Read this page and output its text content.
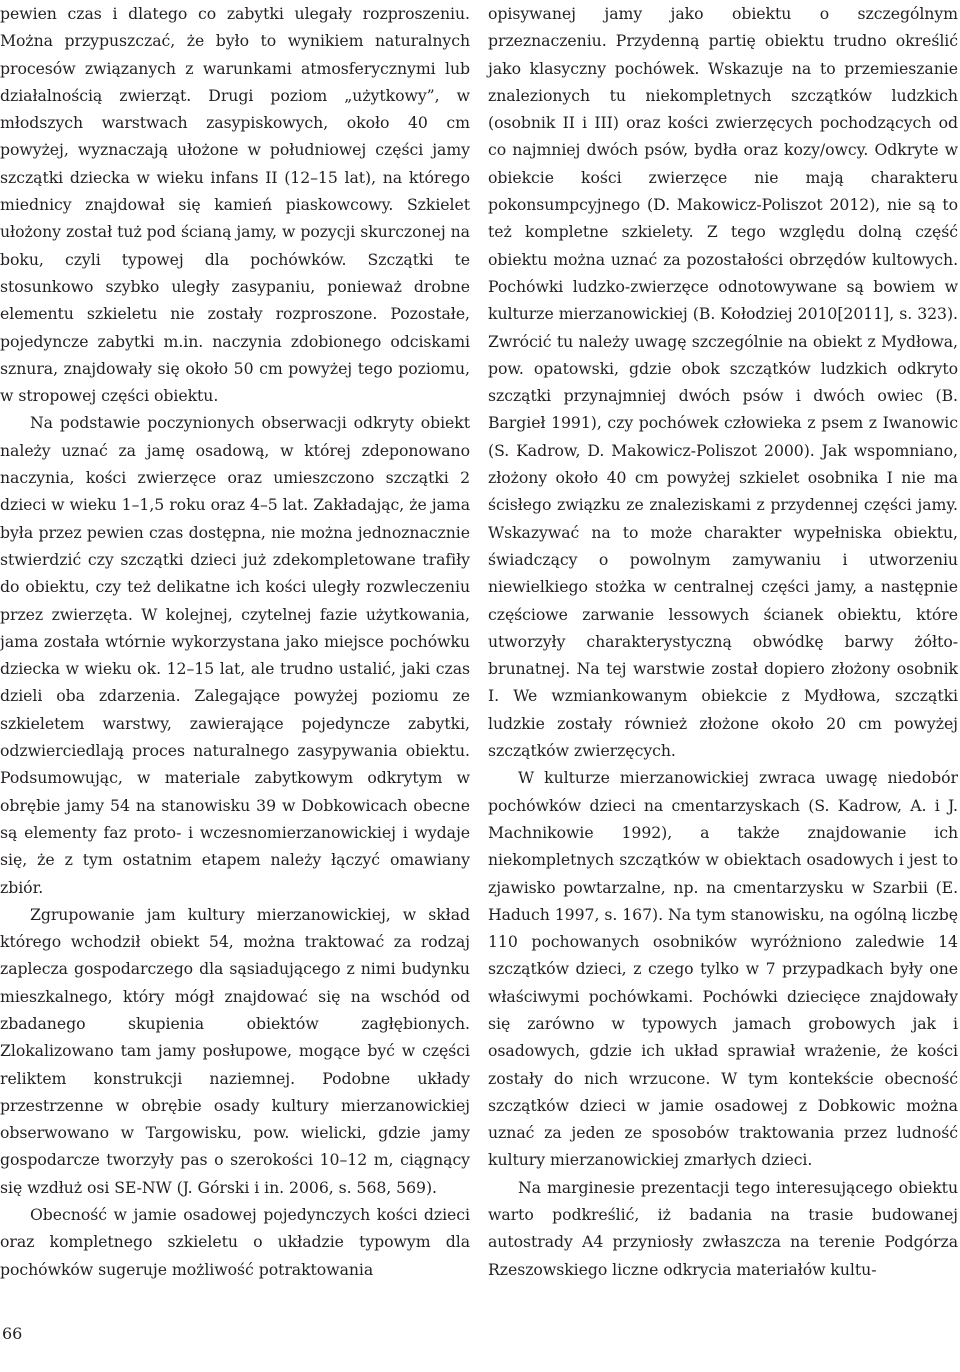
pewien czas i dlatego co zabytki ulegały rozproszeniu. Można przypuszczać, że było to wynikiem naturalnych procesów związanych z warunkami atmosferycznymi lub działalnością zwierząt. Drugi poziom „użytkowy”, w młodszych warstwach zasypiskowych, około 40 cm powyżej, wyznaczają ułożone w południowej części jamy szczątki dziecka w wieku infans II (12–15 lat), na którego miednicy znajdował się kamień piaskowcowy. Szkielet ułożony został tuż pod ścianą jamy, w pozycji skurczonej na boku, czyli typowej dla pochówków. Szczątki te stosunkowo szybko uległy zasypaniu, ponieważ drobne elementu szkieletu nie zostały rozproszone. Pozostałe, pojedyncze zabytki m.in. naczynia zdobionego odciskami sznura, znajdowały się około 50 cm powyżej tego poziomu, w stropowej części obiektu.

Na podstawie poczynionych obserwacji odkryty obiekt należy uznać za jamę osadową, w której zdeponowano naczynia, kości zwierzęce oraz umieszczono szczątki 2 dzieci w wieku 1–1,5 roku oraz 4–5 lat. Zakładając, że jama była przez pewien czas dostępna, nie można jednoznacznie stwierdzić czy szczątki dzieci już zdekompletowane trafiły do obiektu, czy też delikatne ich kości uległy rozwleczeniu przez zwierzęta. W kolejnej, czytelnej fazie użytkowania, jama została wtórnie wykorzystana jako miejsce pochówku dziecka w wieku ok. 12–15 lat, ale trudno ustalić, jaki czas dzieli oba zdarzenia. Zalegające powyżej poziomu ze szkieletem warstwy, zawierające pojedyncze zabytki, odzwierciedlają proces naturalnego zasypywania obiektu. Podsumowując, w materiale zabytkowym odkrytym w obrębie jamy 54 na stanowisku 39 w Dobkowicach obecne są elementy faz proto- i wczesnomierzanowickiej i wydaje się, że z tym ostatnim etapem należy łączyć omawiany zbiór.

Zgrupowanie jam kultury mierzanowickiej, w skład którego wchodził obiekt 54, można traktować za rodzaj zaplecza gospodarczego dla sąsiadującego z nimi budynku mieszkalnego, który mógł znajdować się na wschód od zbadanego skupienia obiektów zagłębionych. Zlokalizowano tam jamy posłupowe, mogące być w części reliktem konstrukcji naziemnej. Podobne układy przestrzenne w obrębie osady kultury mierzanowickiej obserwowano w Targowisku, pow. wielicki, gdzie jamy gospodarcze tworzyły pas o szerokości 10–12 m, ciągnący się wzdłuż osi SE-NW (J. Górski i in. 2006, s. 568, 569).

Obecność w jamie osadowej pojedynczych kości dzieci oraz kompletnego szkieletu o układzie typowym dla pochówków sugeruje możliwość potraktowania

opisywanej jamy jako obiektu o szczególnym przeznaczeniu. Przydenną partię obiektu trudno określić jako klasyczny pochówek. Wskazuje na to przemieszanie znalezionych tu niekompletnych szczątków ludzkich (osobnik II i III) oraz kości zwierzęcych pochodzących od co najmniej dwóch psów, bydła oraz kozy/owcy. Odkryte w obiekcie kości zwierzęce nie mają charakteru pokonsumpcyjnego (D. Makowicz-Poliszot 2012), nie są to też kompletne szkielety. Z tego względu dolną część obiektu można uznać za pozostałości obrzędów kultowych. Pochówki ludzko-zwierzęce odnotowywane są bowiem w kulturze mierzanowickiej (B. Kołodziej 2010[2011], s. 323). Zwrócić tu należy uwagę szczególnie na obiekt z Mydłowa, pow. opatowski, gdzie obok szczątków ludzkich odkryto szczątki przynajmniej dwóch psów i dwóch owiec (B. Bargieł 1991), czy pochówek człowieka z psem z Iwanowic (S. Kadrow, D. Makowicz-Poliszot 2000). Jak wspomniano, złożony około 40 cm powyżej szkielet osobnika I nie ma ścisłego związku ze znaleziskami z przydennej części jamy. Wskazywać na to może charakter wypełniska obiektu, świadczący o powolnym zamywaniu i utworzeniu niewielkiego stożka w centralnej części jamy, a następnie częściowe zarwanie lessowych ścianek obiektu, które utworzyły charakterystyczną obwódkę barwy żółto-brunatnej. Na tej warstwie został dopiero złożony osobnik I. We wzmiankowanym obiekcie z Mydłowa, szczątki ludzkie zostały również złożone około 20 cm powyżej szczątków zwierzęcych.

W kulturze mierzanowickiej zwraca uwagę niedobór pochówków dzieci na cmentarzyskach (S. Kadrow, A. i J. Machnikowie 1992), a także znajdowanie ich niekompletnych szczątków w obiektach osadowych i jest to zjawisko powtarzalne, np. na cmentarzysku w Szarbii (E. Haduch 1997, s. 167). Na tym stanowisku, na ogólną liczbę 110 pochowanych osobników wyróżniono zaledwie 14 szczątków dzieci, z czego tylko w 7 przypadkach były one właściwymi pochówkami. Pochówki dziecięce znajdowały się zarówno w typowych jamach grobowych jak i osadowych, gdzie ich układ sprawiał wrażenie, że kości zostały do nich wrzucone. W tym kontekście obecność szczątków dzieci w jamie osadowej z Dobkowic można uznać za jeden ze sposobów traktowania przez ludność kultury mierzanowickiej zmarłych dzieci.

Na marginesie prezentacji tego interesującego obiektu warto podkreślić, iż badania na trasie budowanej autostrady A4 przyniosły zwłaszcza na terenie Podgórza Rzeszowskiego liczne odkrycia materiałów kultu-

66
